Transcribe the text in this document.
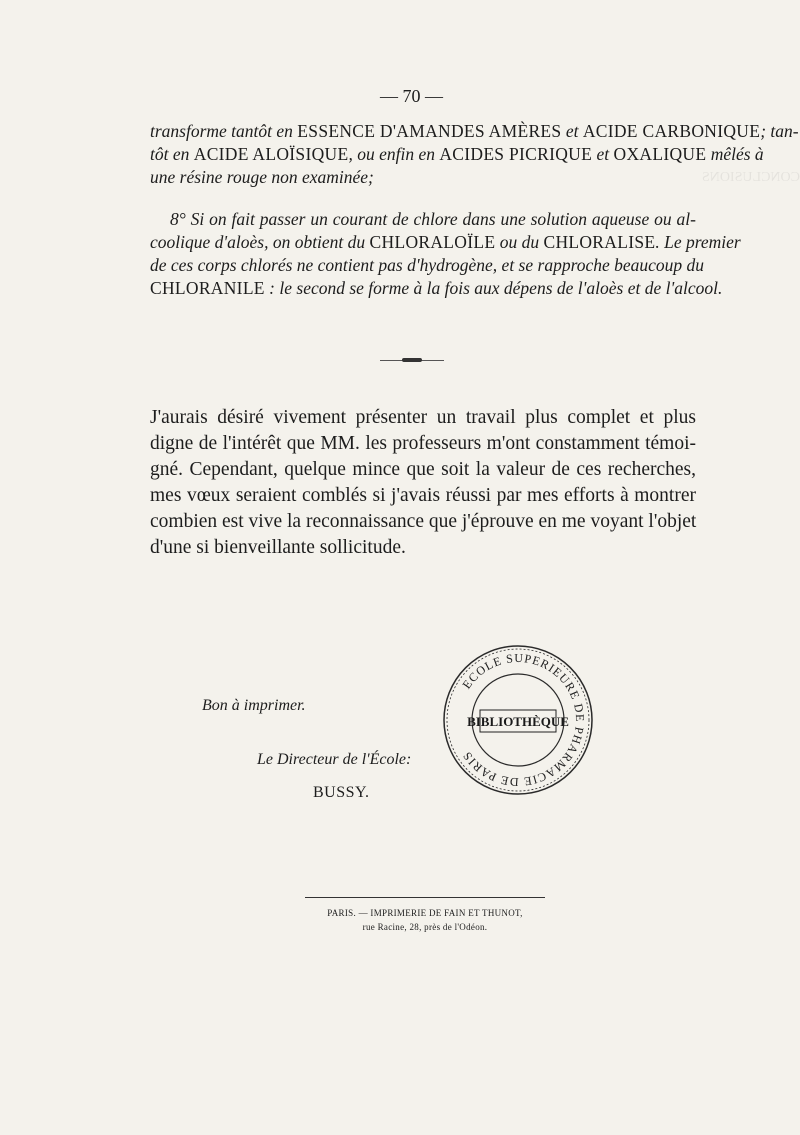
CONCLUSIONS
— 70 —
transforme tantôt en ESSENCE D'AMANDES AMÈRES et ACIDE CARBONIQUE; tan-
tôt en ACIDE ALOÏSIQUE, ou enfin en ACIDES PICRIQUE et OXALIQUE mêlés à
une résine rouge non examinée;
8° Si on fait passer un courant de chlore dans une solution aqueuse ou al-
coolique d'aloès, on obtient du CHLORALOÏLE ou du CHLORALISE. Le premier
de ces corps chlorés ne contient pas d'hydrogène, et se rapproche beaucoup du
CHLORANILE : le second se forme à la fois aux dépens de l'aloès et de l'alcool.
J'aurais désiré vivement présenter un travail plus complet et plus
digne de l'intérêt que MM. les professeurs m'ont constamment témoi-
gné. Cependant, quelque mince que soit la valeur de ces recherches,
mes vœux seraient comblés si j'avais réussi par mes efforts à montrer
combien est vive la reconnaissance que j'éprouve en me voyant l'objet
d'une si bienveillante sollicitude.
Bon à imprimer.
Le Directeur de l'École:
BUSSY.
ECOLE SUPERIEURE DE PHARMACIE DE PARIS
BIBLIOTHÈQUE
PARIS. — IMPRIMERIE DE FAIN ET THUNOT,
rue Racine, 28, près de l'Odéon.
